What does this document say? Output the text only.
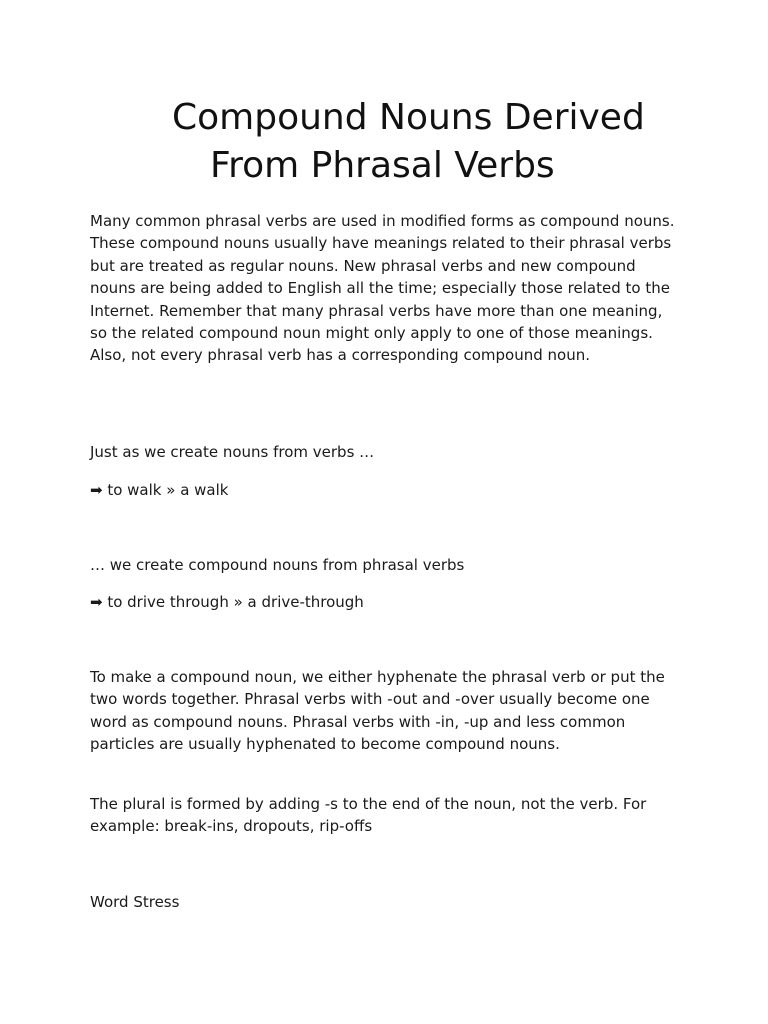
Compound Nouns Derived
From Phrasal Verbs

Many common phrasal verbs are used in modified forms as compound nouns. These compound nouns usually have meanings related to their phrasal verbs but are treated as regular nouns. New phrasal verbs and new compound nouns are being added to English all the time; especially those related to the Internet. Remember that many phrasal verbs have more than one meaning, so the related compound noun might only apply to one of those meanings. Also, not every phrasal verb has a corresponding compound noun.

Just as we create nouns from verbs …

➡ to walk » a walk

… we create compound nouns from phrasal verbs

➡ to drive through » a drive-through

To make a compound noun, we either hyphenate the phrasal verb or put the two words together. Phrasal verbs with -out and -over usually become one word as compound nouns. Phrasal verbs with -in, -up and less common particles are usually hyphenated to become compound nouns.

The plural is formed by adding -s to the end of the noun, not the verb. For example: break-ins, dropouts, rip-offs

Word Stress
